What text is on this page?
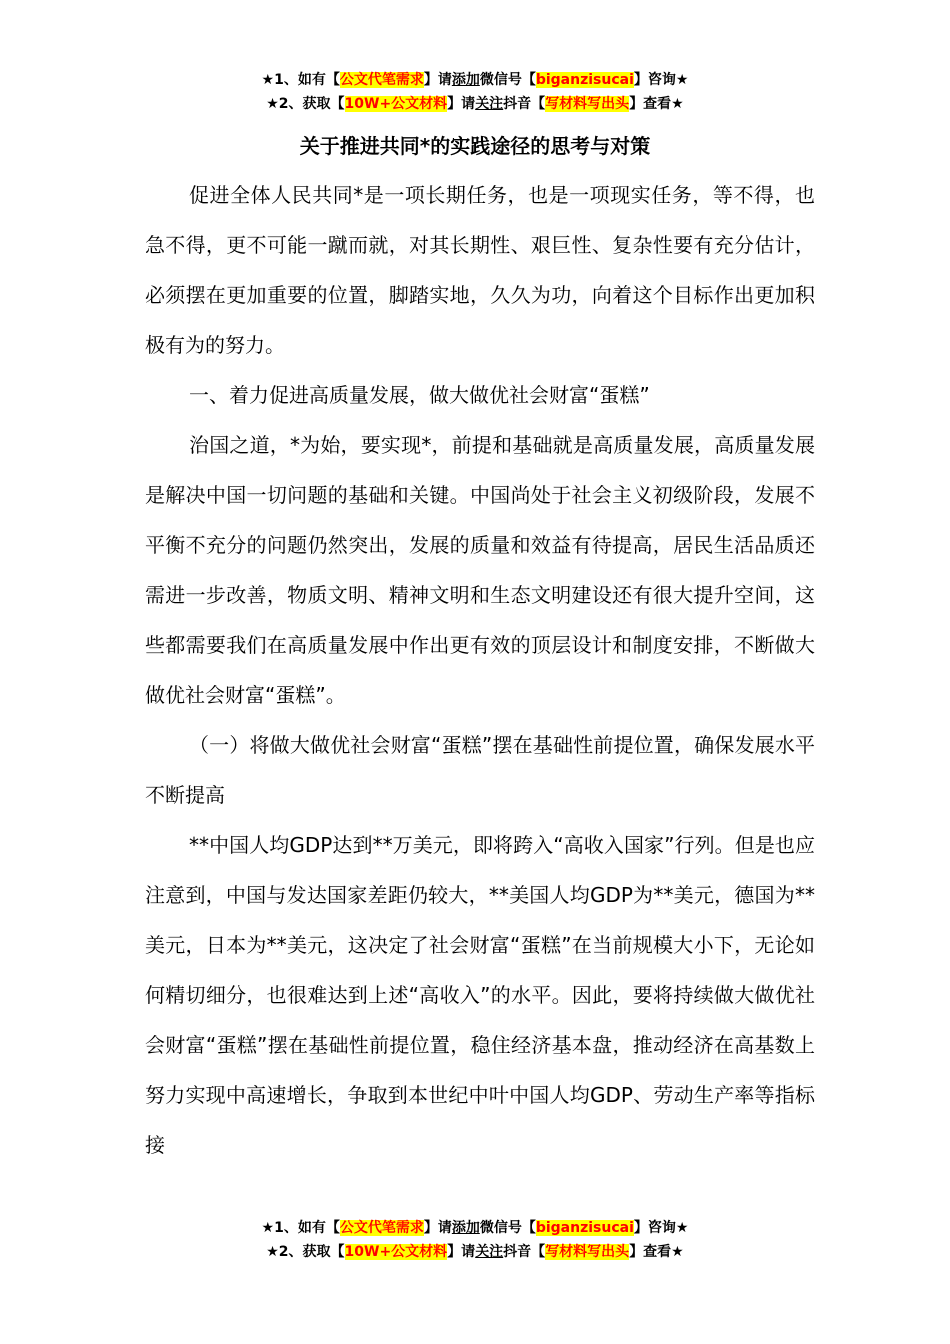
★1、如有【公文代笔需求】请添加微信号【biganzisucai】咨询★
★2、获取【10W+公文材料】请关注抖音【写材料写出头】查看★
关于推进共同*的实践途径的思考与对策

促进全体人民共同*是一项长期任务，也是一项现实任务，等不得，也急不得，更不可能一蹴而就，对其长期性、艰巨性、复杂性要有充分估计，必须摆在更加重要的位置，脚踏实地，久久为功，向着这个目标作出更加积极有为的努力。

一、着力促进高质量发展，做大做优社会财富“蛋糕”

治国之道，*为始，要实现*，前提和基础就是高质量发展，高质量发展是解决中国一切问题的基础和关键。中国尚处于社会主义初级阶段，发展不平衡不充分的问题仍然突出，发展的质量和效益有待提高，居民生活品质还需进一步改善，物质文明、精神文明和生态文明建设还有很大提升空间，这些都需要我们在高质量发展中作出更有效的顶层设计和制度安排，不断做大做优社会财富“蛋糕”。

（一）将做大做优社会财富“蛋糕”摆在基础性前提位置，确保发展水平不断提高

**中国人均GDP达到**万美元，即将跨入“高收入国家”行列。但是也应注意到，中国与发达国家差距仍较大，**美国人均GDP为**美元，德国为**美元，日本为**美元，这决定了社会财富“蛋糕”在当前规模大小下，无论如何精切细分，也很难达到上述“高收入”的水平。因此，要将持续做大做优社会财富“蛋糕”摆在基础性前提位置，稳住经济基本盘，推动经济在高基数上努力实现中高速增长，争取到本世纪中叶中国人均GDP、劳动生产率等指标接

★1、如有【公文代笔需求】请添加微信号【biganzisucai】咨询★
★2、获取【10W+公文材料】请关注抖音【写材料写出头】查看★
